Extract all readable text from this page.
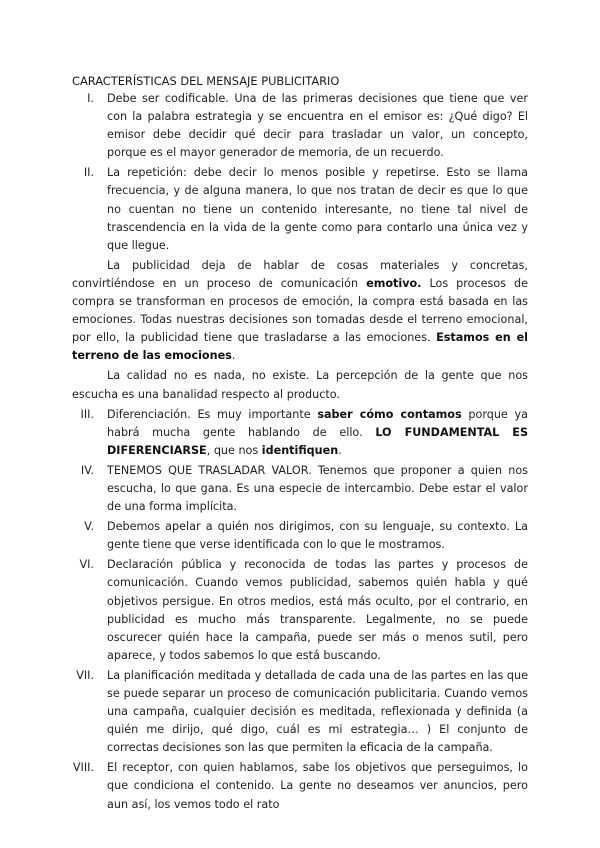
CARACTERÍSTICAS DEL MENSAJE PUBLICITARIO
I. Debe ser codificable. Una de las primeras decisiones que tiene que ver con la palabra estrategia y se encuentra en el emisor es: ¿Qué digo? El emisor debe decidir qué decir para trasladar un valor, un concepto, porque es el mayor generador de memoria, de un recuerdo.
II. La repetición: debe decir lo menos posible y repetirse. Esto se llama frecuencia, y de alguna manera, lo que nos tratan de decir es que lo que no cuentan no tiene un contenido interesante, no tiene tal nivel de trascendencia en la vida de la gente como para contarlo una única vez y que llegue.
La publicidad deja de hablar de cosas materiales y concretas, convirtiéndose en un proceso de comunicación emotivo. Los procesos de compra se transforman en procesos de emoción, la compra está basada en las emociones. Todas nuestras decisiones son tomadas desde el terreno emocional, por ello, la publicidad tiene que trasladarse a las emociones. Estamos en el terreno de las emociones.
La calidad no es nada, no existe. La percepción de la gente que nos escucha es una banalidad respecto al producto.
III. Diferenciación. Es muy importante saber cómo contamos porque ya habrá mucha gente hablando de ello. LO FUNDAMENTAL ES DIFERENCIARSE, que nos identifiquen.
IV. TENEMOS QUE TRASLADAR VALOR. Tenemos que proponer a quien nos escucha, lo que gana. Es una especie de intercambio. Debe estar el valor de una forma implícita.
V. Debemos apelar a quién nos dirigimos, con su lenguaje, su contexto. La gente tiene que verse identificada con lo que le mostramos.
VI. Declaración pública y reconocida de todas las partes y procesos de comunicación. Cuando vemos publicidad, sabemos quién habla y qué objetivos persigue. En otros medios, está más oculto, por el contrario, en publicidad es mucho más transparente. Legalmente, no se puede oscurecer quién hace la campaña, puede ser más o menos sutil, pero aparece, y todos sabemos lo que está buscando.
VII. La planificación meditada y detallada de cada una de las partes en las que se puede separar un proceso de comunicación publicitaria. Cuando vemos una campaña, cualquier decisión es meditada, reflexionada y definida (a quién me dirijo, qué digo, cuál es mi estrategia… ) El conjunto de correctas decisiones son las que permiten la eficacia de la campaña.
VIII. El receptor, con quien hablamos, sabe los objetivos que perseguimos, lo que condiciona el contenido. La gente no deseamos ver anuncios, pero aun así, los vemos todo el rato
